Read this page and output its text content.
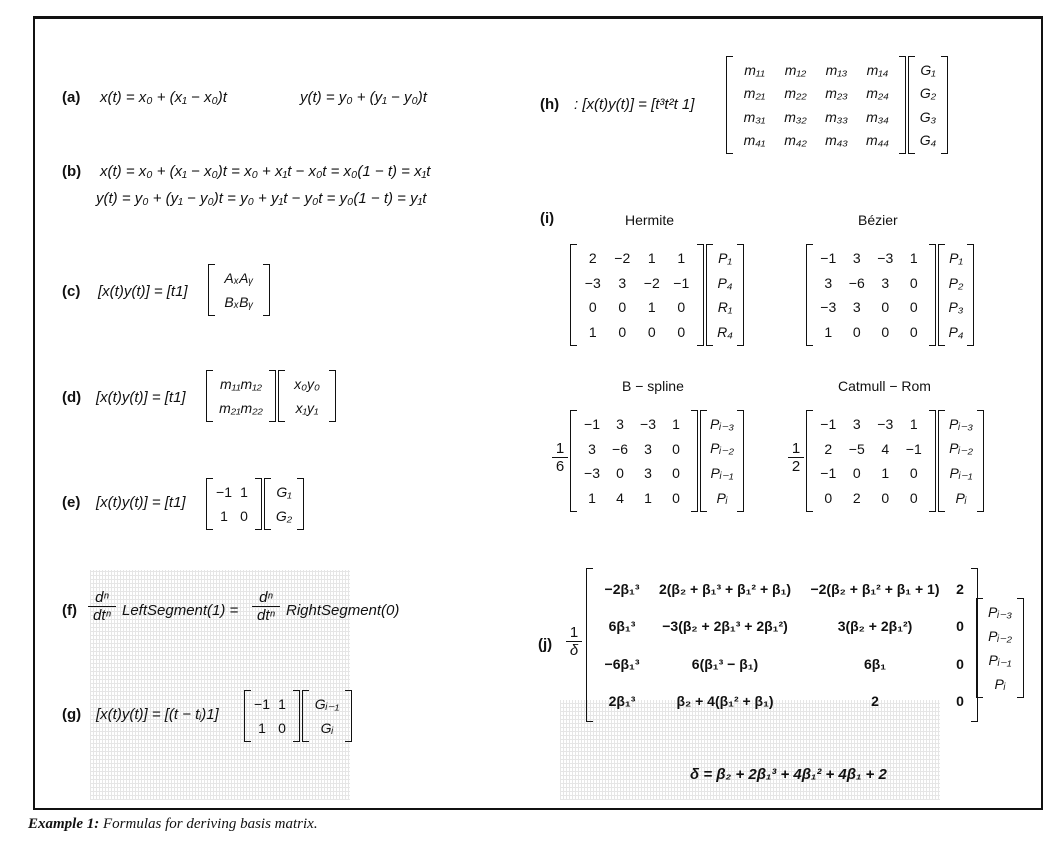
(a) x(t) = x₀ + (x₁ − x₀)t	y(t) = y₀ + (y₁ − y₀)t
(b) x(t) = x₀ + (x₁ − x₀)t = x₀ + x₁t − x₀t = x₀(1 − t) = x₁t
y(t) = y₀ + (y₁ − y₀)t = y₀ + y₁t − y₀t = y₀(1 − t) = y₁t
(c) [x(t)y(t)] = [t1]
AₓAᵧ
BₓBᵧ
(d) [x(t)y(t)] = [t1]
m₁₁m₁₂
m₂₁m₂₂
x₀y₀
x₁y₁
(e) [x(t)y(t)] = [t1]
−1 1
1 0
G₁
G₂
(f)
dⁿ
dtⁿ LeftSegment(1) =
dⁿ
dtⁿ RightSegment(0)
(g) [x(t)y(t)] = [(t − tᵢ)1]
−1 1
1 0
Gᵢ₋₁
Gᵢ
(h) : [x(t)y(t)] = [t³t²t 1]
m₁₁	m₁₂	m₁₃	m₁₄
m₂₁	m₂₂	m₂₃	m₂₄
m₃₁	m₃₂	m₃₃	m₃₄
m₄₁	m₄₂	m₄₃	m₄₄
G₁
G₂
G₃
G₄
(i)	Hermite	Bézier
2	−2	1	1
−3	3	−2 −1
0	0	1	0
1	0	0	0
P₁
P₄
R₁
R₄
−1	3	−3	1
3	−6	3	0
−3	3	0	0
1	0	0	0
P₁
P₂
P₃
P₄
B − spline	Catmull − Rom
$\frac{1}{6}$
−1	3	−3	1
3	−6	3	0
−3	0	3	0
1	4	1	0
Pᵢ₋₃
Pᵢ₋₂
Pᵢ₋₁
Pᵢ
$\frac{1}{2}$
−1	3	−3	1
2	−5	4	−1
−1	0	1	0
0	2	0	0
Pᵢ₋₃
Pᵢ₋₂
Pᵢ₋₁
Pᵢ
$(j) \frac{1}{\delta}$
−2β₁³	2(β₂ + β₁³ + β₁² + β₁)	−2(β₂ + β₁² + β₁ + 1)	2
6β₁³	−3(β₂ + 2β₁³ + 2β₁²)	3(β₂ + 2β₁²)	0
−6β₁³	6(β₁³ − β₁)	6β₁	0
2β₁³	β₂ + 4(β₁² + β₁)	2	0
Pᵢ₋₃
Pᵢ₋₂
Pᵢ₋₁
Pᵢ
δ = β₂ + 2β₁³ + 4β₁² + 4β₁ + 2
Example 1: Formulas for deriving basis matrix.
